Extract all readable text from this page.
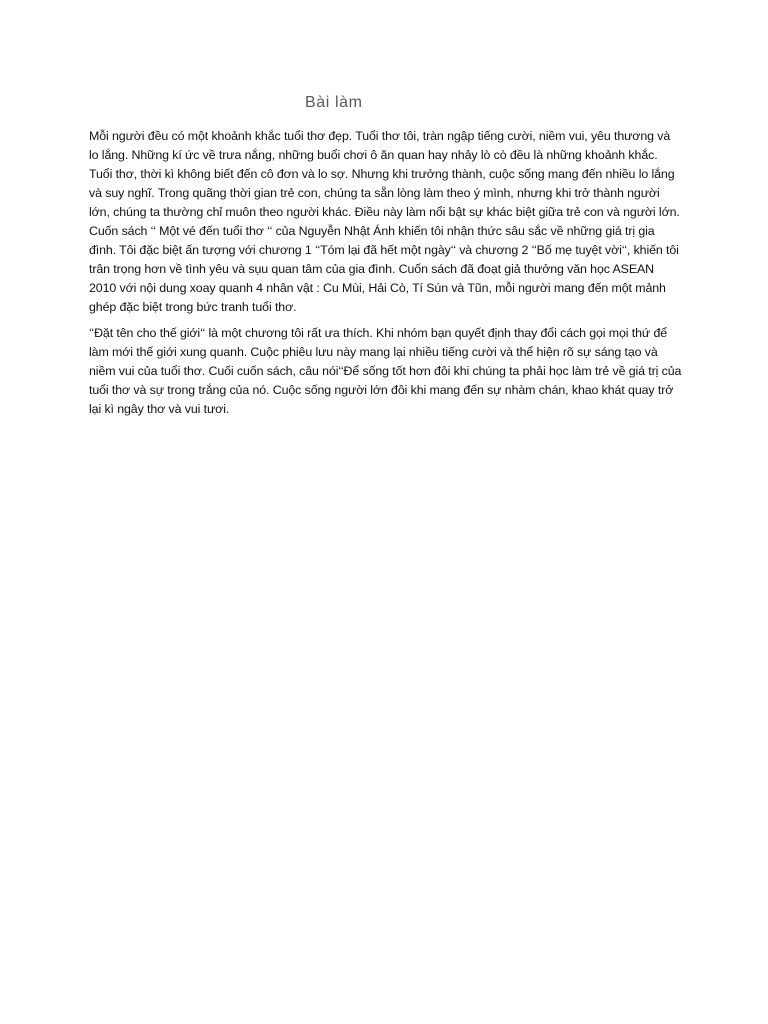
Bài làm

Mỗi người đều có một khoảnh khắc tuổi thơ đẹp. Tuổi thơ tôi, tràn ngập tiếng cười, niềm vui, yêu thương và lo lắng. Những kí ức về trưa nắng, những buổi chơi ô ăn quan hay nhảy lò cò đều là những khoảnh khắc. Tuổi thơ, thời kì không biết đến cô đơn và lo sợ. Nhưng khi trưởng thành, cuộc sống mang đến nhiều lo lắng và suy nghĩ. Trong quãng thời gian trẻ con, chúng ta sẵn lòng làm theo ý mình, nhưng khi trở thành người lớn, chúng ta thường chỉ muôn theo người khác. Điều này làm nổi bật sự khác biệt giữa trẻ con và người lớn. Cuốn sách ‘‘ Một vé đến tuổi thơ ‘‘ của Nguyễn Nhật Ánh khiến tôi nhận thức sâu sắc về những giá trị gia đình. Tôi đặc biệt ấn tượng với chương 1 ‘‘Tóm lại đã hết một ngày‘‘ và chương 2 ‘‘Bố mẹ tuyệt vời‘‘, khiến tôi trân trọng hơn về tình yêu và sụu quan tâm của gia đình. Cuốn sách đã đoạt giả thưởng văn học ASEAN 2010 với nội dung xoay quanh 4 nhân vật : Cu Mùi, Hải Cò, Tí Sún và Tũn, mỗi người mang đến một mảnh ghép đặc biệt trong bức tranh tuổi thơ.

‘‘Đặt tên cho thế giới‘‘ là một chương tôi rất ưa thích. Khi nhóm bạn quyết định thay đổi cách gọi mọi thứ để làm mới thế giới xung quanh. Cuộc phiêu lưu này mang lại nhiều tiếng cười và thể hiện rõ sự sáng tạo và niềm vui của tuổi thơ. Cuối cuốn sách, câu nói‘‘Để sống tốt hơn đôi khi chúng ta phải học làm trẻ về giá trị của tuổi thơ và sự trong trắng của nó. Cuộc sống người lớn đôi khi mang đến sự nhàm chán, khao khát quay trở lại kì ngây thơ và vui tươi.
